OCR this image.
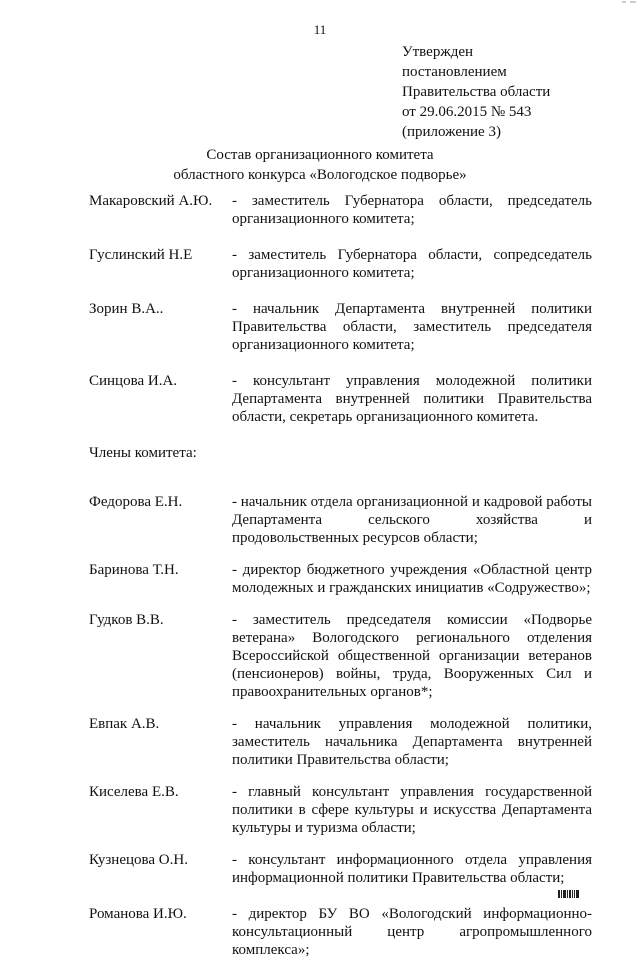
11
Утвержден
постановлением
Правительства области
от 29.06.2015 № 543
(приложение 3)
Состав организационного комитета
областного конкурса «Вологодское подворье»
Макаровский А.Ю. - заместитель Губернатора области, председатель организационного комитета;
Гуслинский Н.Е	- заместитель Губернатора области, сопредседатель организационного комитета;
Зорин В.А..	- начальник Департамента внутренней политики Правительства области, заместитель председателя организационного комитета;
Синцова И.А.	- консультант управления молодежной политики Департамента внутренней политики Правительства области, секретарь организационного комитета.
Члены комитета:
Федорова Е.Н.	- начальник отдела организационной и кадровой работы Департамента сельского хозяйства и продовольственных ресурсов области;
Баринова Т.Н.	- директор бюджетного учреждения «Областной центр молодежных и гражданских инициатив «Содружество»;
Гудков В.В.	- заместитель председателя комиссии «Подворье ветерана» Вологодского регионального отделения Всероссийской общественной организации ветеранов (пенсионеров) войны, труда, Вооруженных Сил и правоохранительных органов*;
Евпак А.В.	- начальник управления молодежной политики, заместитель начальника Департамента внутренней политики Правительства области;
Киселева Е.В.	- главный консультант управления государственной политики в сфере культуры и искусства Департамента культуры и туризма области;
Кузнецова О.Н.	- консультант информационного отдела управления информационной политики Правительства области;
Романова И.Ю.	- директор БУ ВО «Вологодский информационно-консультационный центр агропромышленного комплекса»;
